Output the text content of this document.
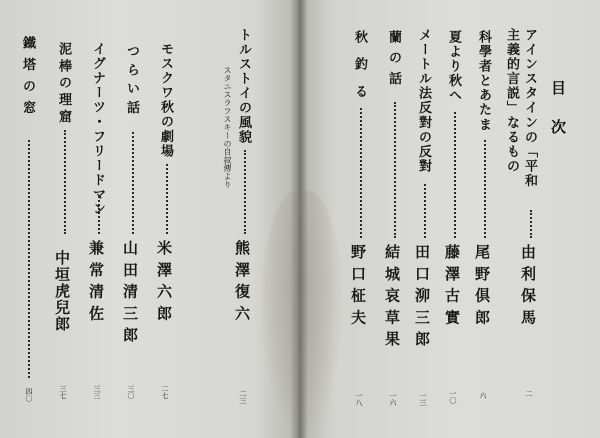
目次
アインスタインの「平和
主義的言説」なるもの
由利保馬
二
科學者とあたま
尾野倶郎
六
夏より秋へ
藤澤古實
一〇
メートル法反對の反對
田口泖三郎
一三
蘭の話
結城哀草果
一六
秋釣る
野口柾夫
一八
トルストイの風貌
スタニスラフスキーの自叙傳より
熊澤復六
二三
モスクワ秋の劇場
米澤六郎
二七
つらい話
山田清三郎
三〇
イグナーツ・フリードマン
兼常清佐
三三
泥棒の理窟
中垣虎兒郎
三七
鐵塔の窓
四〇
